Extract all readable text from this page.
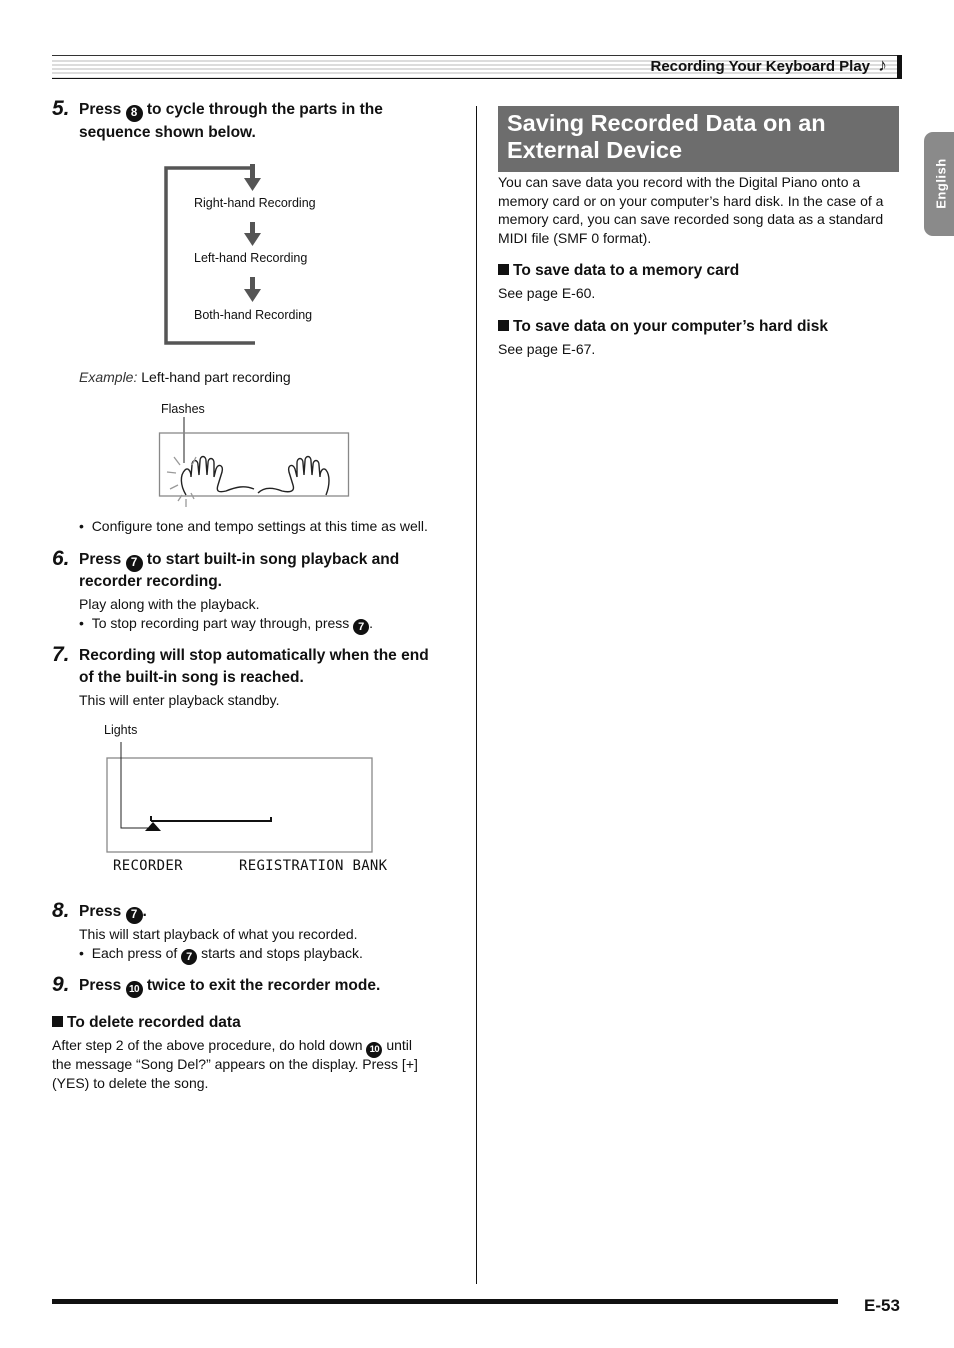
Recording Your Keyboard Play ♪
English
5. Press 8 to cycle through the parts in the
sequence shown below.
Right-hand Recording
Left-hand Recording
Both-hand Recording
Example: Left-hand part recording
Flashes
•  Configure tone and tempo settings at this time as well.
6. Press 7 to start built-in song playback and
recorder recording.
Play along with the playback.
•  To stop recording part way through, press 7 .
7. Recording will stop automatically when the end
of the built-in song is reached.
This will enter playback standby.
Lights
RECORDER	REGISTRATION BANK
8. Press 7 .
This will start playback of what you recorded.
•  Each press of 7 starts and stops playback.
9. Press 10 twice to exit the recorder mode.
To delete recorded data
After step 2 of the above procedure, do hold down 10 until
the message “Song Del?” appears on the display. Press [+]
(YES) to delete the song.
Saving Recorded Data on an
External Device
You can save data you record with the Digital Piano onto a
memory card or on your computer’s hard disk. In the case of a
memory card, you can save recorded song data as a standard
MIDI file (SMF 0 format).
To save data to a memory card
See page E-60.
To save data on your computer’s hard disk
See page E-67.
E-53
